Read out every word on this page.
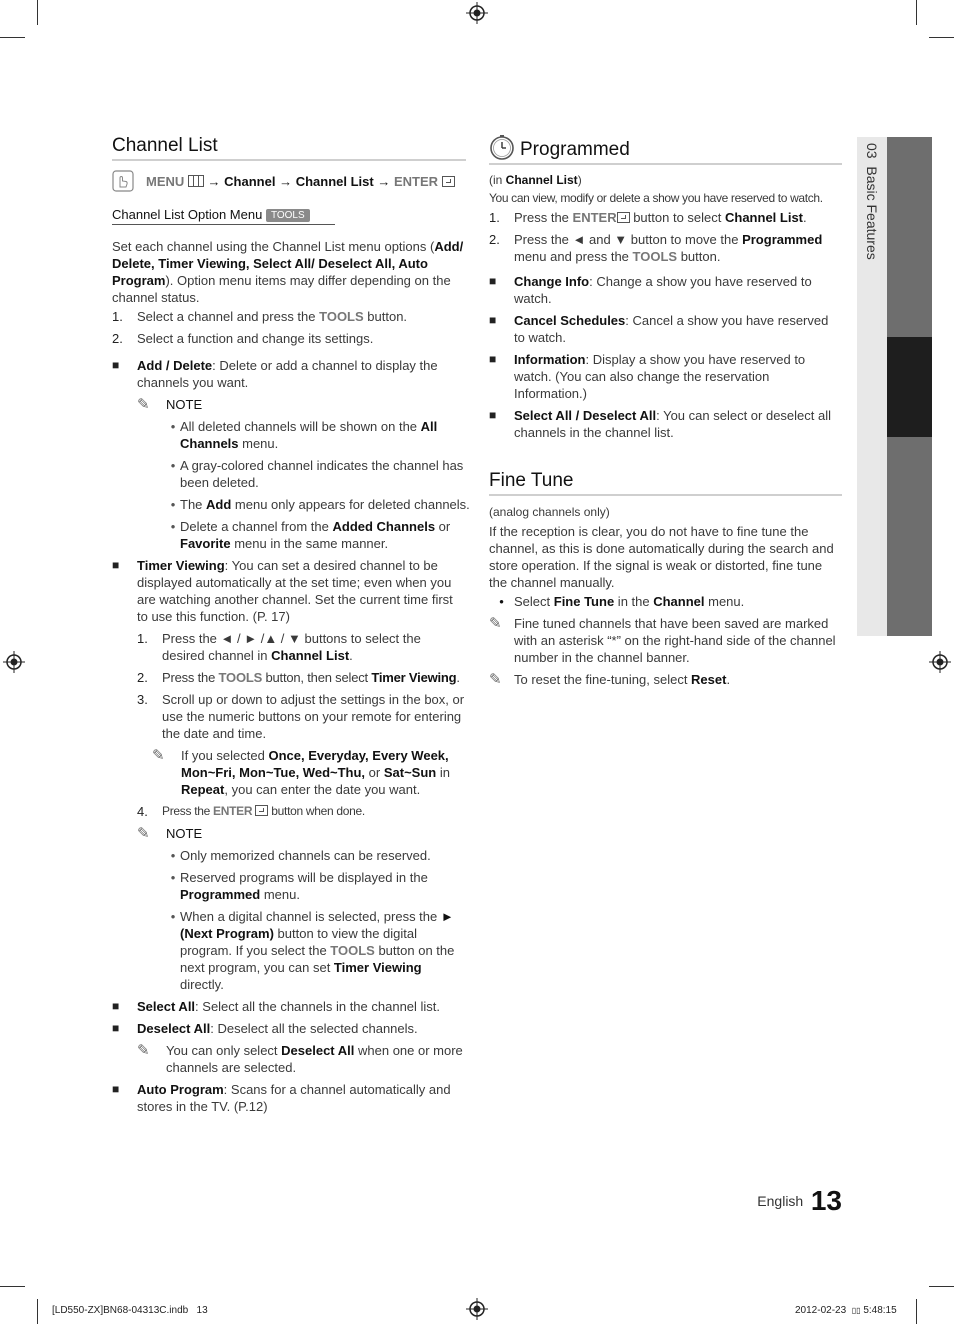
03  Basic Features
Channel List
MENU → Channel → Channel List → ENTER
Channel List Option Menu TOOLS

Set each channel using the Channel List menu options (Add/ Delete, Timer Viewing, Select All/ Deselect All, Auto Program). Option menu items may differ depending on the channel status.

1.	Select a channel and press the TOOLS button.
2.	Select a function and change its settings.
■	Add / Delete: Delete or add a channel to display the channels you want.
✎	NOTE
• All deleted channels will be shown on the All Channels menu.
• A gray-colored channel indicates the channel has been deleted.
• The Add menu only appears for deleted channels.
• Delete a channel from the Added Channels or Favorite menu in the same manner.
■	Timer Viewing: You can set a desired channel to be displayed automatically at the set time; even when you are watching another channel. Set the current time first to use this function. (P. 17)
1.	Press the ◄ / ► /▲ / ▼ buttons to select the desired channel in Channel List.
2.	Press the TOOLS button, then select Timer Viewing.
3.	Scroll up or down to adjust the settings in the box, or use the numeric buttons on your remote for entering the date and time.
✎	If you selected Once, Everyday, Every Week, Mon~Fri, Mon~Tue, Wed~Thu, or Sat~Sun in Repeat, you can enter the date you want.
4.	Press the ENTER  button when done.
✎	NOTE
• Only memorized channels can be reserved.
• Reserved programs will be displayed in the Programmed menu.
• When a digital channel is selected, press the ► (Next Program) button to view the digital program. If you select the TOOLS button on the next program, you can set Timer Viewing directly.
■	Select All: Select all the channels in the channel list.
■	Deselect All: Deselect all the selected channels.
✎	You can only select Deselect All when one or more channels are selected.
■	Auto Program: Scans for a channel automatically and stores in the TV. (P.12)
Programmed

(in Channel List)

You can view, modify or delete a show you have reserved to watch.

1.	Press the ENTER button to select Channel List.
2.	Press the ◄ and ▼ button to move the Programmed menu and press the TOOLS button.
■	Change Info: Change a show you have reserved to watch.
■	Cancel Schedules: Cancel a show you have reserved to watch.
■	Information: Display a show you have reserved to watch. (You can also change the reservation Information.)
■	Select All / Deselect All: You can select or deselect all channels in the channel list.
Fine Tune

(analog channels only)

If the reception is clear, you do not have to fine tune the channel, as this is done automatically during the search and store operation. If the signal is weak or distorted, fine tune the channel manually.

• Select Fine Tune in the Channel menu.
✎ Fine tuned channels that have been saved are marked with an asterisk “*” on the right-hand side of the channel number in the channel banner.
✎ To reset the fine-tuning, select Reset.
English 13
[LD550-ZX]BN68-04313C.indb   13	2012-02-23 ▯▯ 5:48:15
